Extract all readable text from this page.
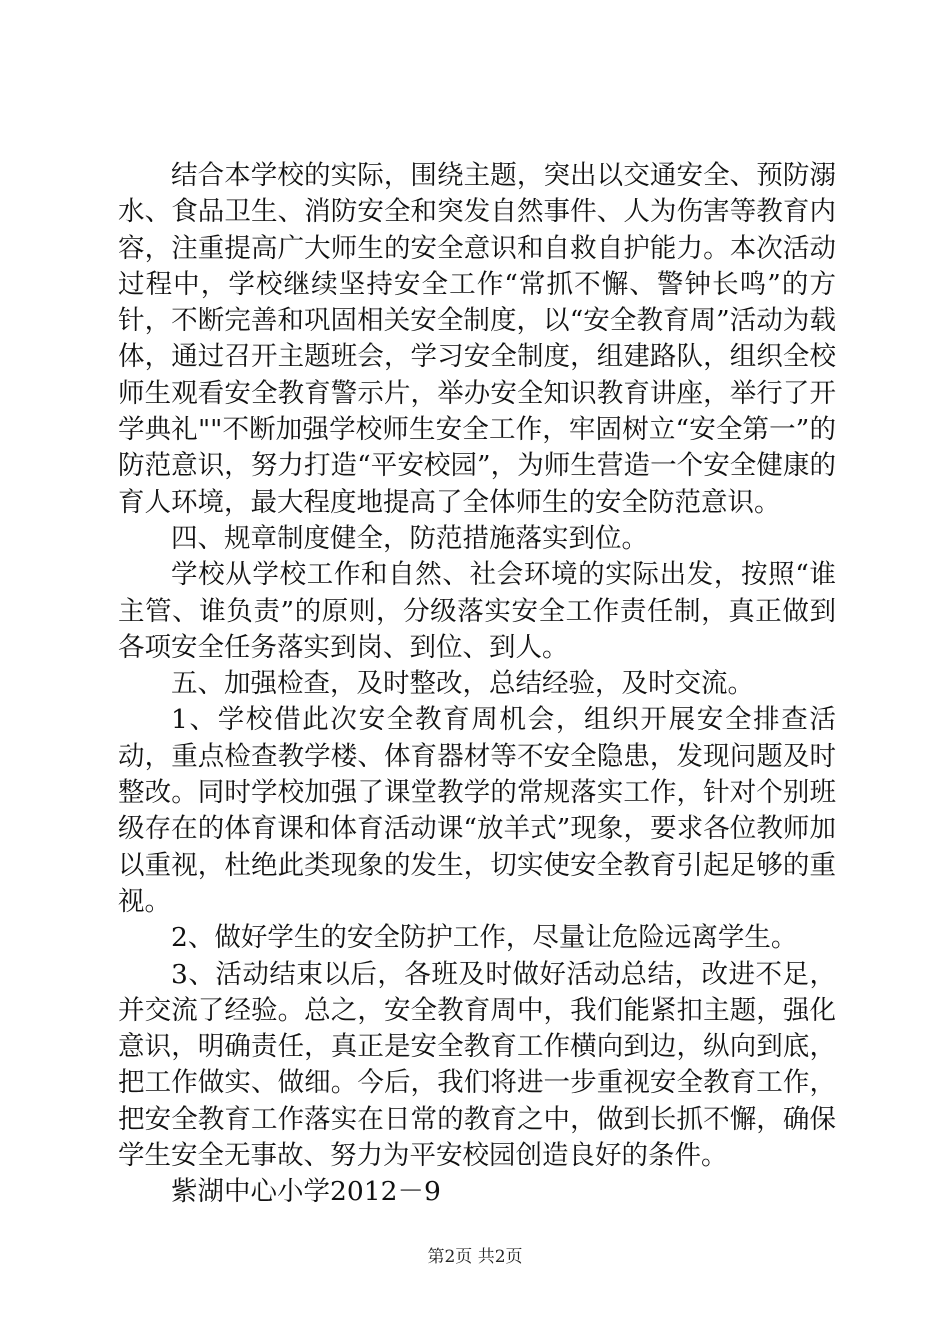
结合本学校的实际，围绕主题，突出以交通安全、预防溺水、食品卫生、消防安全和突发自然事件、人为伤害等教育内容，注重提高广大师生的安全意识和自救自护能力。本次活动过程中，学校继续坚持安全工作“常抓不懈、警钟长鸣”的方针，不断完善和巩固相关安全制度，以“安全教育周”活动为载体，通过召开主题班会，学习安全制度，组建路队，组织全校师生观看安全教育警示片，举办安全知识教育讲座，举行了开学典礼""不断加强学校师生安全工作，牢固树立“安全第一”的防范意识，努力打造“平安校园”，为师生营造一个安全健康的育人环境，最大程度地提高了全体师生的安全防范意识。

四、规章制度健全，防范措施落实到位。

学校从学校工作和自然、社会环境的实际出发，按照“谁主管、谁负责”的原则，分级落实安全工作责任制，真正做到各项安全任务落实到岗、到位、到人。

五、加强检查，及时整改，总结经验，及时交流。

1、学校借此次安全教育周机会，组织开展安全排查活动，重点检查教学楼、体育器材等不安全隐患，发现问题及时整改。同时学校加强了课堂教学的常规落实工作，针对个别班级存在的体育课和体育活动课“放羊式”现象，要求各位教师加以重视，杜绝此类现象的发生，切实使安全教育引起足够的重视。

2、做好学生的安全防护工作，尽量让危险远离学生。

3、活动结束以后，各班及时做好活动总结，改进不足，并交流了经验。总之，安全教育周中，我们能紧扣主题，强化意识，明确责任，真正是安全教育工作横向到边，纵向到底，把工作做实、做细。今后，我们将进一步重视安全教育工作，把安全教育工作落实在日常的教育之中，做到长抓不懈，确保学生安全无事故、努力为平安校园创造良好的条件。

紫湖中心小学2012－9

第2页 共2页
